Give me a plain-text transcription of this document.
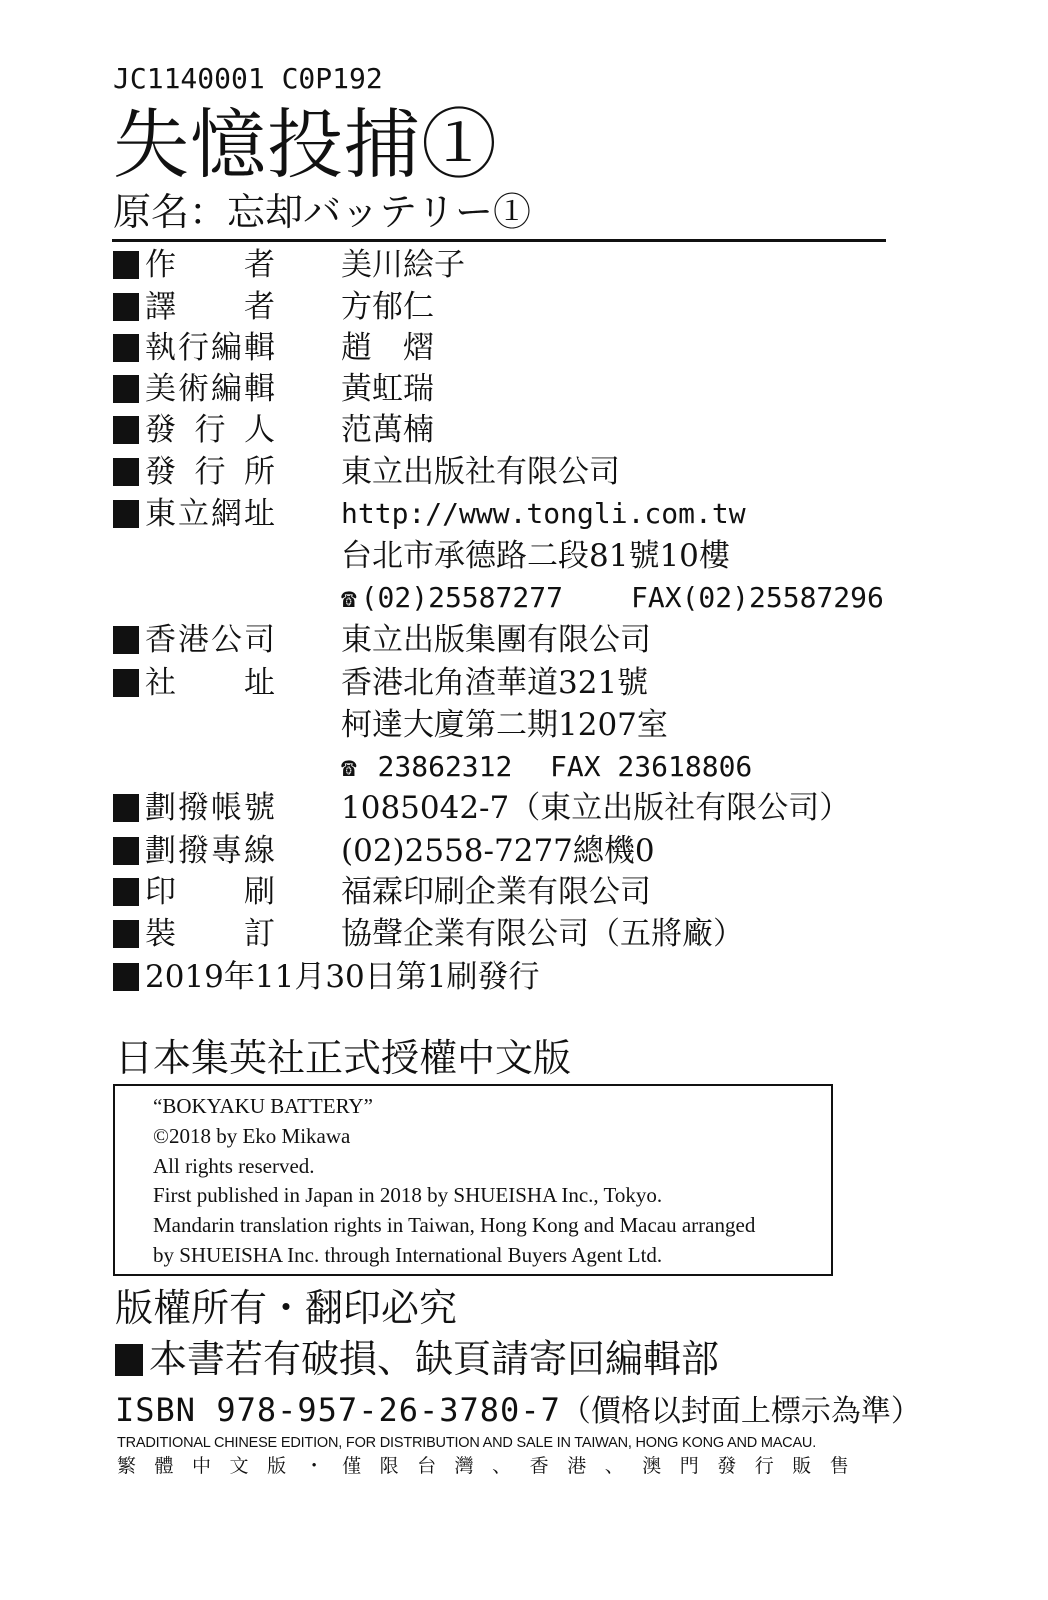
JC1140001 C0P192
失憶投捕①
原名：忘却バッテリー①
作　者 美川絵子
譯　者 方郁仁
執行編輯 趙　熠
美術編輯 黃虹瑞
發行人 范萬楠
發行所 東立出版社有限公司
東立網址 http://www.tongli.com.tw
台北市承德路二段81號10樓
☎ (02)25587277 FAX(02)25587296
香港公司 東立出版集團有限公司
社　址 香港北角渣華道321號
柯達大廈第二期1207室
☎ 23862312 FAX 23618806
劃撥帳號 1085042-7（東立出版社有限公司）
劃撥專線 (02)2558-7277總機0
印　刷 福霖印刷企業有限公司
裝　訂 協聲企業有限公司（五將廠）
2019年11月30日第1刷發行
日本集英社正式授權中文版
“BOKYAKU BATTERY”
©2018 by Eko Mikawa
All rights reserved.
First published in Japan in 2018 by SHUEISHA Inc., Tokyo.
Mandarin translation rights in Taiwan, Hong Kong and Macau arranged
by SHUEISHA Inc. through International Buyers Agent Ltd.
版權所有・翻印必究
本書若有破損、缺頁請寄回編輯部
ISBN 978-957-26-3780-7（價格以封面上標示為準）
TRADITIONAL CHINESE EDITION, FOR DISTRIBUTION AND SALE IN TAIWAN, HONG KONG AND MACAU.
繁 體 中 文 版 ・ 僅 限 台 灣 、 香 港 、 澳 門 發 行 販 售
